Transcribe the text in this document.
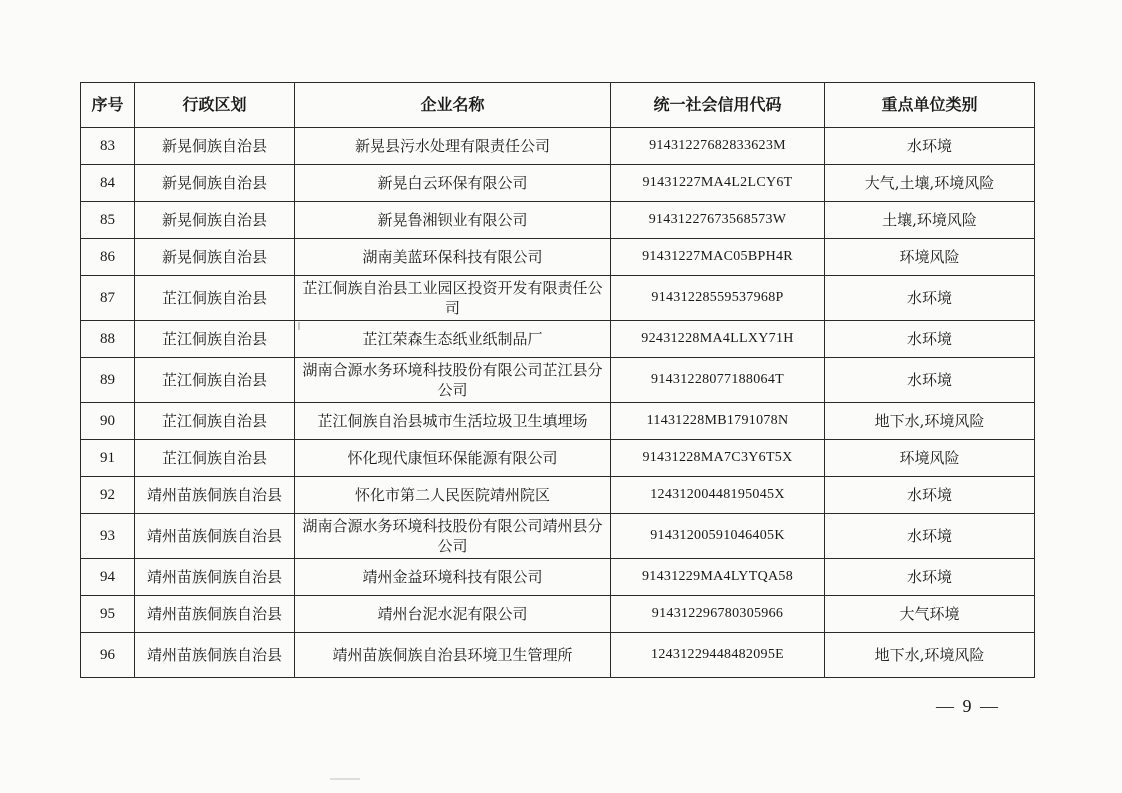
序号	行政区划	企业名称	统一社会信用代码	重点单位类别
83	新晃侗族自治县	新晃县污水处理有限责任公司	91431227682833623M	水环境
84	新晃侗族自治县	新晃白云环保有限公司	91431227MA4L2LCY6T	大气,土壤,环境风险
85	新晃侗族自治县	新晃鲁湘钡业有限公司	91431227673568573W	土壤,环境风险
86	新晃侗族自治县	湖南美蓝环保科技有限公司	91431227MAC05BPH4R	环境风险
87	芷江侗族自治县	芷江侗族自治县工业园区投资开发有限责任公司	91431228559537968P	水环境
88	芷江侗族自治县	芷江荣森生态纸业纸制品厂	92431228MA4LLXY71H	水环境
89	芷江侗族自治县	湖南合源水务环境科技股份有限公司芷江县分公司	91431228077188064T	水环境
90	芷江侗族自治县	芷江侗族自治县城市生活垃圾卫生填埋场	11431228MB1791078N	地下水,环境风险
91	芷江侗族自治县	怀化现代康恒环保能源有限公司	91431228MA7C3Y6T5X	环境风险
92	靖州苗族侗族自治县	怀化市第二人民医院靖州院区	12431200448195045X	水环境
93	靖州苗族侗族自治县	湖南合源水务环境科技股份有限公司靖州县分公司	91431200591046405K	水环境
94	靖州苗族侗族自治县	靖州金益环境科技有限公司	91431229MA4LYTQA58	水环境
95	靖州苗族侗族自治县	靖州台泥水泥有限公司	914312296780305966	大气环境
96	靖州苗族侗族自治县	靖州苗族侗族自治县环境卫生管理所	12431229448482095E	地下水,环境风险
— 9 —
